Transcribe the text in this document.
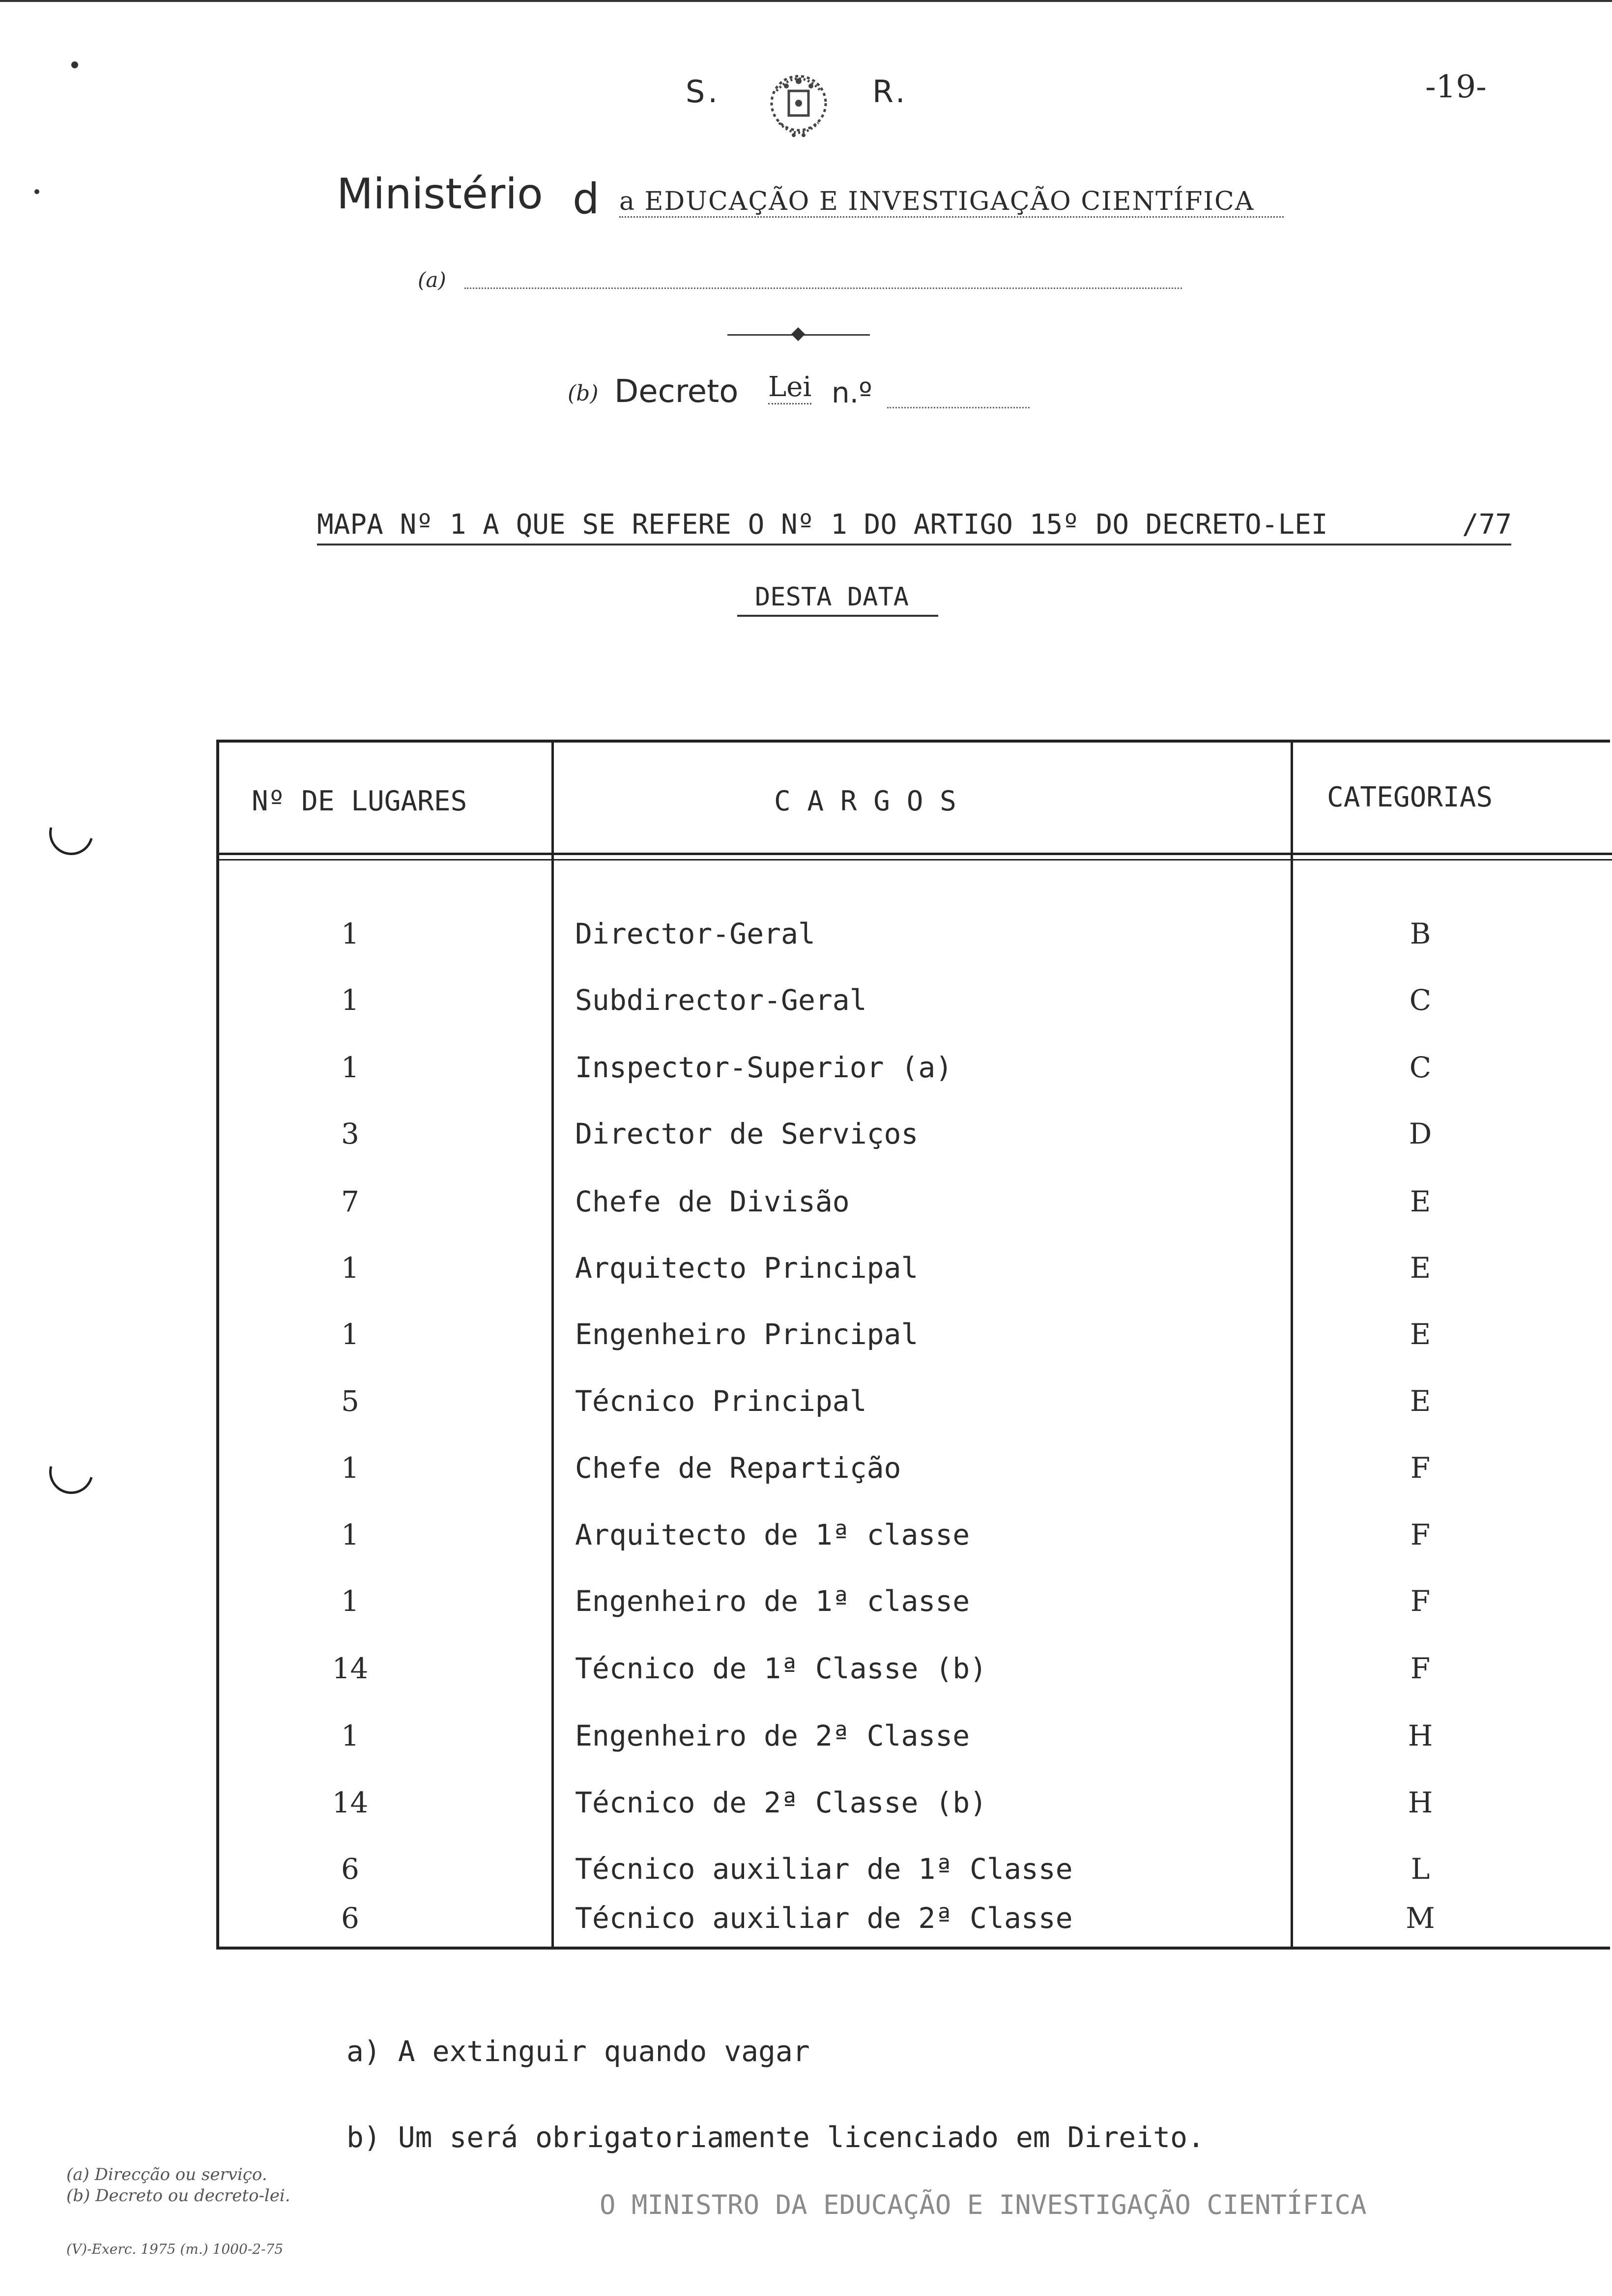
S.	R.	-19-
Ministério d a EDUCAÇÃO E INVESTIGAÇÃO CIENTÍFICA
(a)
(b) Decreto Lei n.º
MAPA Nº 1 A QUE SE REFERE O Nº 1 DO ARTIGO 15º DO DECRETO-LEI	/77
DESTA DATA
Nº DE LUGARES	C A R G O S	CATEGORIAS
1	Director-Geral	B
1	Subdirector-Geral	C
1	Inspector-Superior (a)	C
3	Director de Serviços	D
7	Chefe de Divisão	E
1	Arquitecto Principal	E
1	Engenheiro Principal	E
5	Técnico Principal	E
1	Chefe de Repartição	F
1	Arquitecto de 1ª classe	F
1	Engenheiro de 1ª classe	F
14	Técnico de 1ª Classe (b)	F
1	Engenheiro de 2ª Classe	H
14	Técnico de 2ª Classe (b)	H
6	Técnico auxiliar de 1ª Classe	L
6	Técnico auxiliar de 2ª Classe	M
a) A extinguir quando vagar
b) Um será obrigatoriamente licenciado em Direito.
(a) Direcção ou serviço.
(b) Decreto ou decreto-lei.
(V)-Exerc. 1975 (m.) 1000-2-75
O MINISTRO DA EDUCAÇÃO E INVESTIGAÇÃO CIENTÍFICA
